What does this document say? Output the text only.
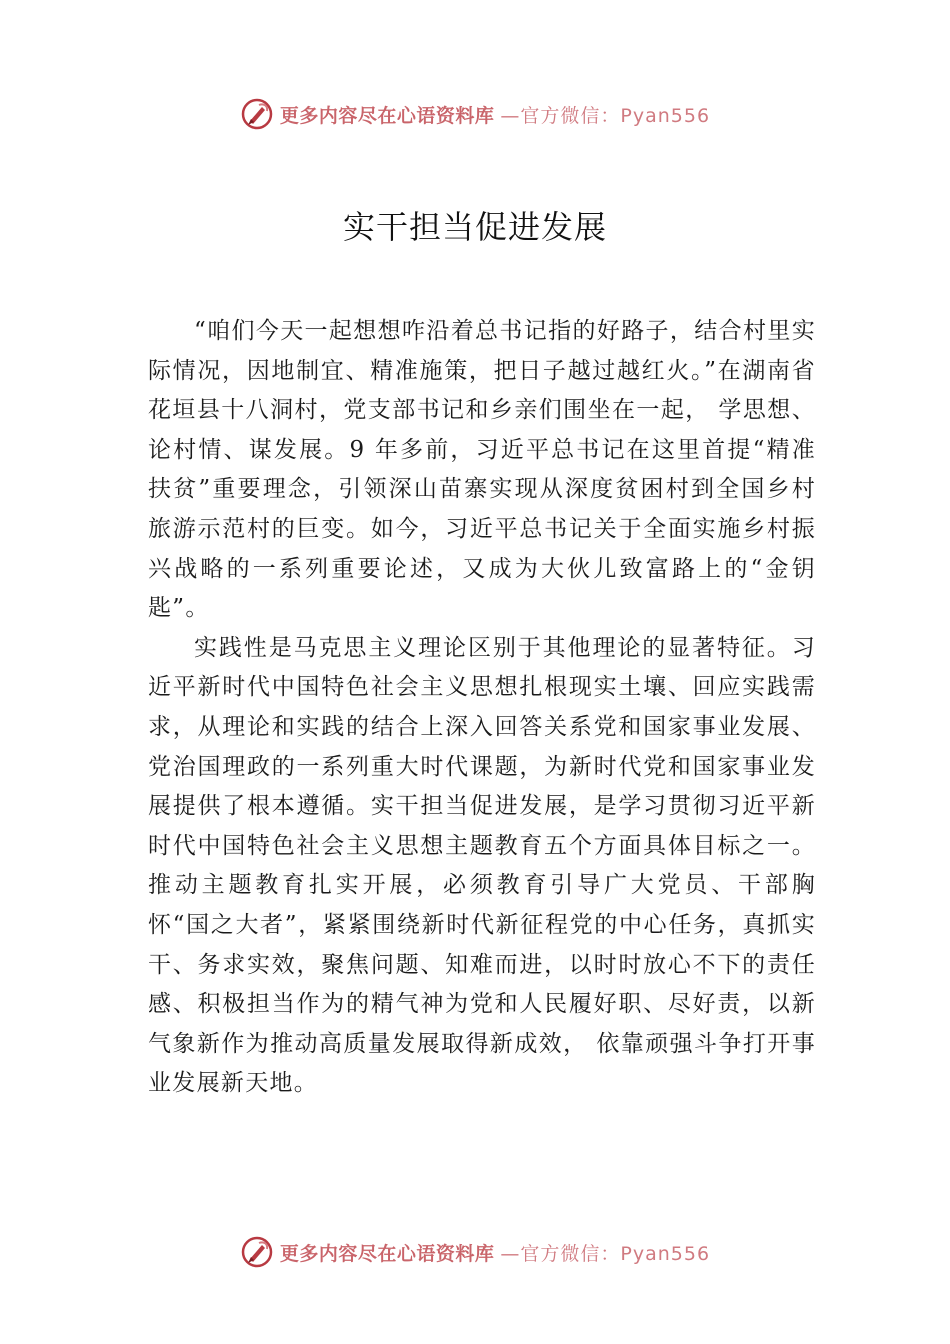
更多内容尽在心语资料库 —官方微信：Pyan556
实干担当促进发展

“咱们今天一起想想咋沿着总书记指的好路子，结合村里实际情况，因地制宜、精准施策，把日子越过越红火。”在湖南省花垣县十八洞村，党支部书记和乡亲们围坐在一起， 学思想、论村情、谋发展。9 年多前，习近平总书记在这里首提“精准扶贫”重要理念，引领深山苗寨实现从深度贫困村到全国乡村旅游示范村的巨变。如今，习近平总书记关于全面实施乡村振兴战略的一系列重要论述，又成为大伙儿致富路上的“金钥匙”。

实践性是马克思主义理论区别于其他理论的显著特征。习近平新时代中国特色社会主义思想扎根现实土壤、回应实践需求，从理论和实践的结合上深入回答关系党和国家事业发展、党治国理政的一系列重大时代课题，为新时代党和国家事业发展提供了根本遵循。实干担当促进发展，是学习贯彻习近平新时代中国特色社会主义思想主题教育五个方面具体目标之一。推动主题教育扎实开展，必须教育引导广大党员、干部胸怀“国之大者”，紧紧围绕新时代新征程党的中心任务，真抓实干、务求实效，聚焦问题、知难而进，以时时放心不下的责任感、积极担当作为的精气神为党和人民履好职、尽好责，以新气象新作为推动高质量发展取得新成效， 依靠顽强斗争打开事业发展新天地。

更多内容尽在心语资料库 —官方微信：Pyan556
